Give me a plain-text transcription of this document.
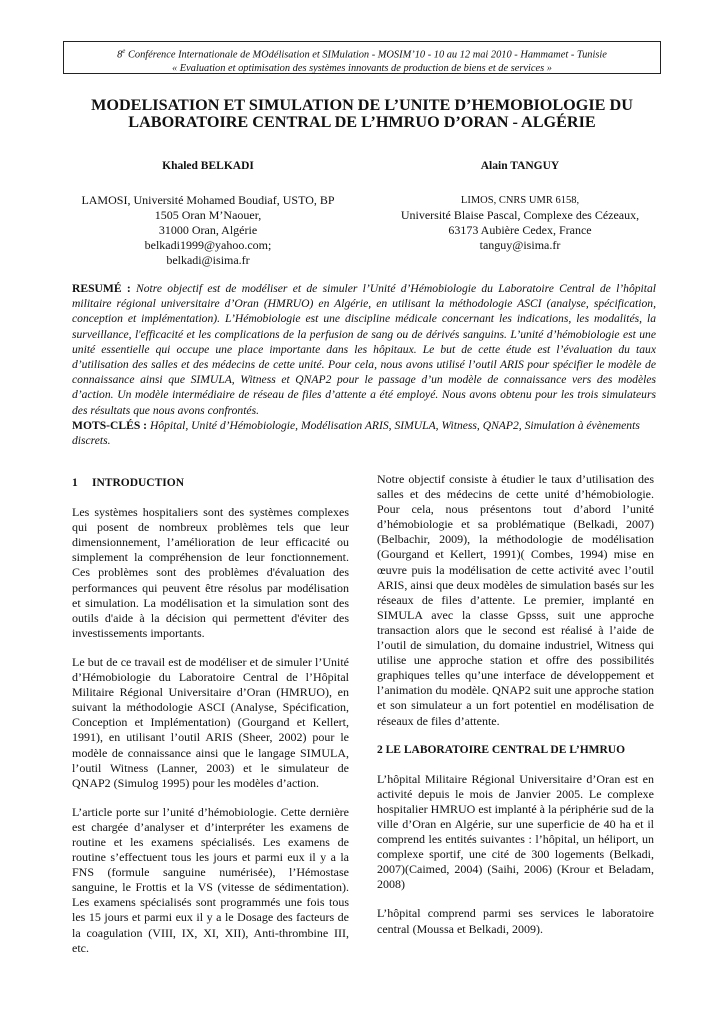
8e Conférence Internationale de MOdélisation et SIMulation - MOSIM’10 - 10 au 12 mai 2010 - Hammamet - Tunisie
« Evaluation et optimisation des systèmes innovants de production de biens et de services »
MODELISATION ET SIMULATION DE L’UNITE D’HEMOBIOLOGIE DU
LABORATOIRE CENTRAL DE L’HMRUO D’ORAN - ALGÉRIE
Khaled BELKADI
LAMOSI, Université Mohamed Boudiaf, USTO, BP
1505 Oran M’Naouer,
31000 Oran, Algérie
belkadi1999@yahoo.com;
belkadi@isima.fr
Alain TANGUY
LIMOS, CNRS UMR 6158,
Université Blaise Pascal, Complexe des Cézeaux,
63173 Aubière Cedex, France
tanguy@isima.fr
RESUMÉ : Notre objectif est de modéliser et de simuler l’Unité d’Hémobiologie du Laboratoire Central de l’hôpital militaire régional universitaire d’Oran (HMRUO) en Algérie, en utilisant la méthodologie ASCI (analyse, spécification, conception et implémentation). L’Hémobiologie est une discipline médicale concernant les indications, les modalités, la surveillance, l'efficacité et les complications de la perfusion de sang ou de dérivés sanguins. L’unité d’hémobiologie est une unité essentielle qui occupe une place importante dans les hôpitaux. Le but de cette étude est l’évaluation du taux d’utilisation des salles et des médecins de cette unité. Pour cela, nous avons utilisé l’outil ARIS pour spécifier le modèle de connaissance ainsi que SIMULA, Witness et QNAP2 pour le passage d’un modèle de connaissance vers des modèles d’action. Un modèle intermédiaire de réseau de files d’attente a été employé. Nous avons obtenu pour les trois simulateurs des résultats que nous avons confrontés.
MOTS-CLÉS : Hôpital, Unité d’Hémobiologie, Modélisation ARIS, SIMULA, Witness, QNAP2, Simulation à évènements discrets.
1 INTRODUCTION

Les systèmes hospitaliers sont des systèmes complexes qui posent de nombreux problèmes tels que leur dimensionnement, l’amélioration de leur efficacité ou simplement la compréhension de leur fonctionnement. Ces problèmes sont des problèmes d'évaluation des performances qui peuvent être résolus par modélisation et simulation. La modélisation et la simulation sont des outils d'aide à la décision qui permettent d'éviter des investissements importants.

Le but de ce travail est de modéliser et de simuler l’Unité d’Hémobiologie du Laboratoire Central de l’Hôpital Militaire Régional Universitaire d’Oran (HMRUO), en suivant la méthodologie ASCI (Analyse, Spécification, Conception et Implémentation) (Gourgand et Kellert, 1991), en utilisant l’outil ARIS (Sheer, 2002) pour le modèle de connaissance ainsi que le langage SIMULA, l’outil Witness (Lanner, 2003) et le simulateur de QNAP2 (Simulog 1995) pour les modèles d’action.

L’article porte sur l’unité d’hémobiologie. Cette dernière est chargée d’analyser et d’interpréter les examens de routine et les examens spécialisés. Les examens de routine s’effectuent tous les jours et parmi eux il y a la FNS (formule sanguine numérisée), l’Hémostase sanguine, le Frottis et la VS (vitesse de sédimentation). Les examens spécialisés sont programmés une fois tous les 15 jours et parmi eux il y a le Dosage des facteurs de la coagulation (VIII, IX, XI, XII), Anti-thrombine III, etc.

Notre objectif consiste à étudier le taux d’utilisation des salles et des médecins de cette unité d’hémobiologie. Pour cela, nous présentons tout d’abord l’unité d’hémobiologie et sa problématique (Belkadi, 2007)(Belbachir, 2009), la méthodologie de modélisation (Gourgand et Kellert, 1991)( Combes, 1994) mise en œuvre puis la modélisation de cette activité avec l’outil ARIS, ainsi que deux modèles de simulation basés sur les réseaux de files d’attente. Le premier, implanté en SIMULA avec la classe Gpsss, suit une approche transaction alors que le second est réalisé à l’aide de l’outil de simulation, du domaine industriel, Witness qui utilise une approche station et offre des possibilités graphiques telles qu’une interface de développement et l’animation du modèle. QNAP2 suit une approche station et son simulateur a un fort potentiel en modélisation de réseaux de files d’attente.

2 LE LABORATOIRE CENTRAL DE L’HMRUO

L’hôpital Militaire Régional Universitaire d’Oran est en activité depuis le mois de Janvier 2005. Le complexe hospitalier HMRUO est implanté à la périphérie sud de la ville d’Oran en Algérie, sur une superficie de 40 ha et il comprend les entités suivantes : l’hôpital, un héliport, un complexe sportif, une cité de 300 logements (Belkadi, 2007)(Caimed, 2004) (Saihi, 2006) (Krour et Beladam, 2008)

L’hôpital comprend parmi ses services le laboratoire central (Moussa et Belkadi, 2009).
